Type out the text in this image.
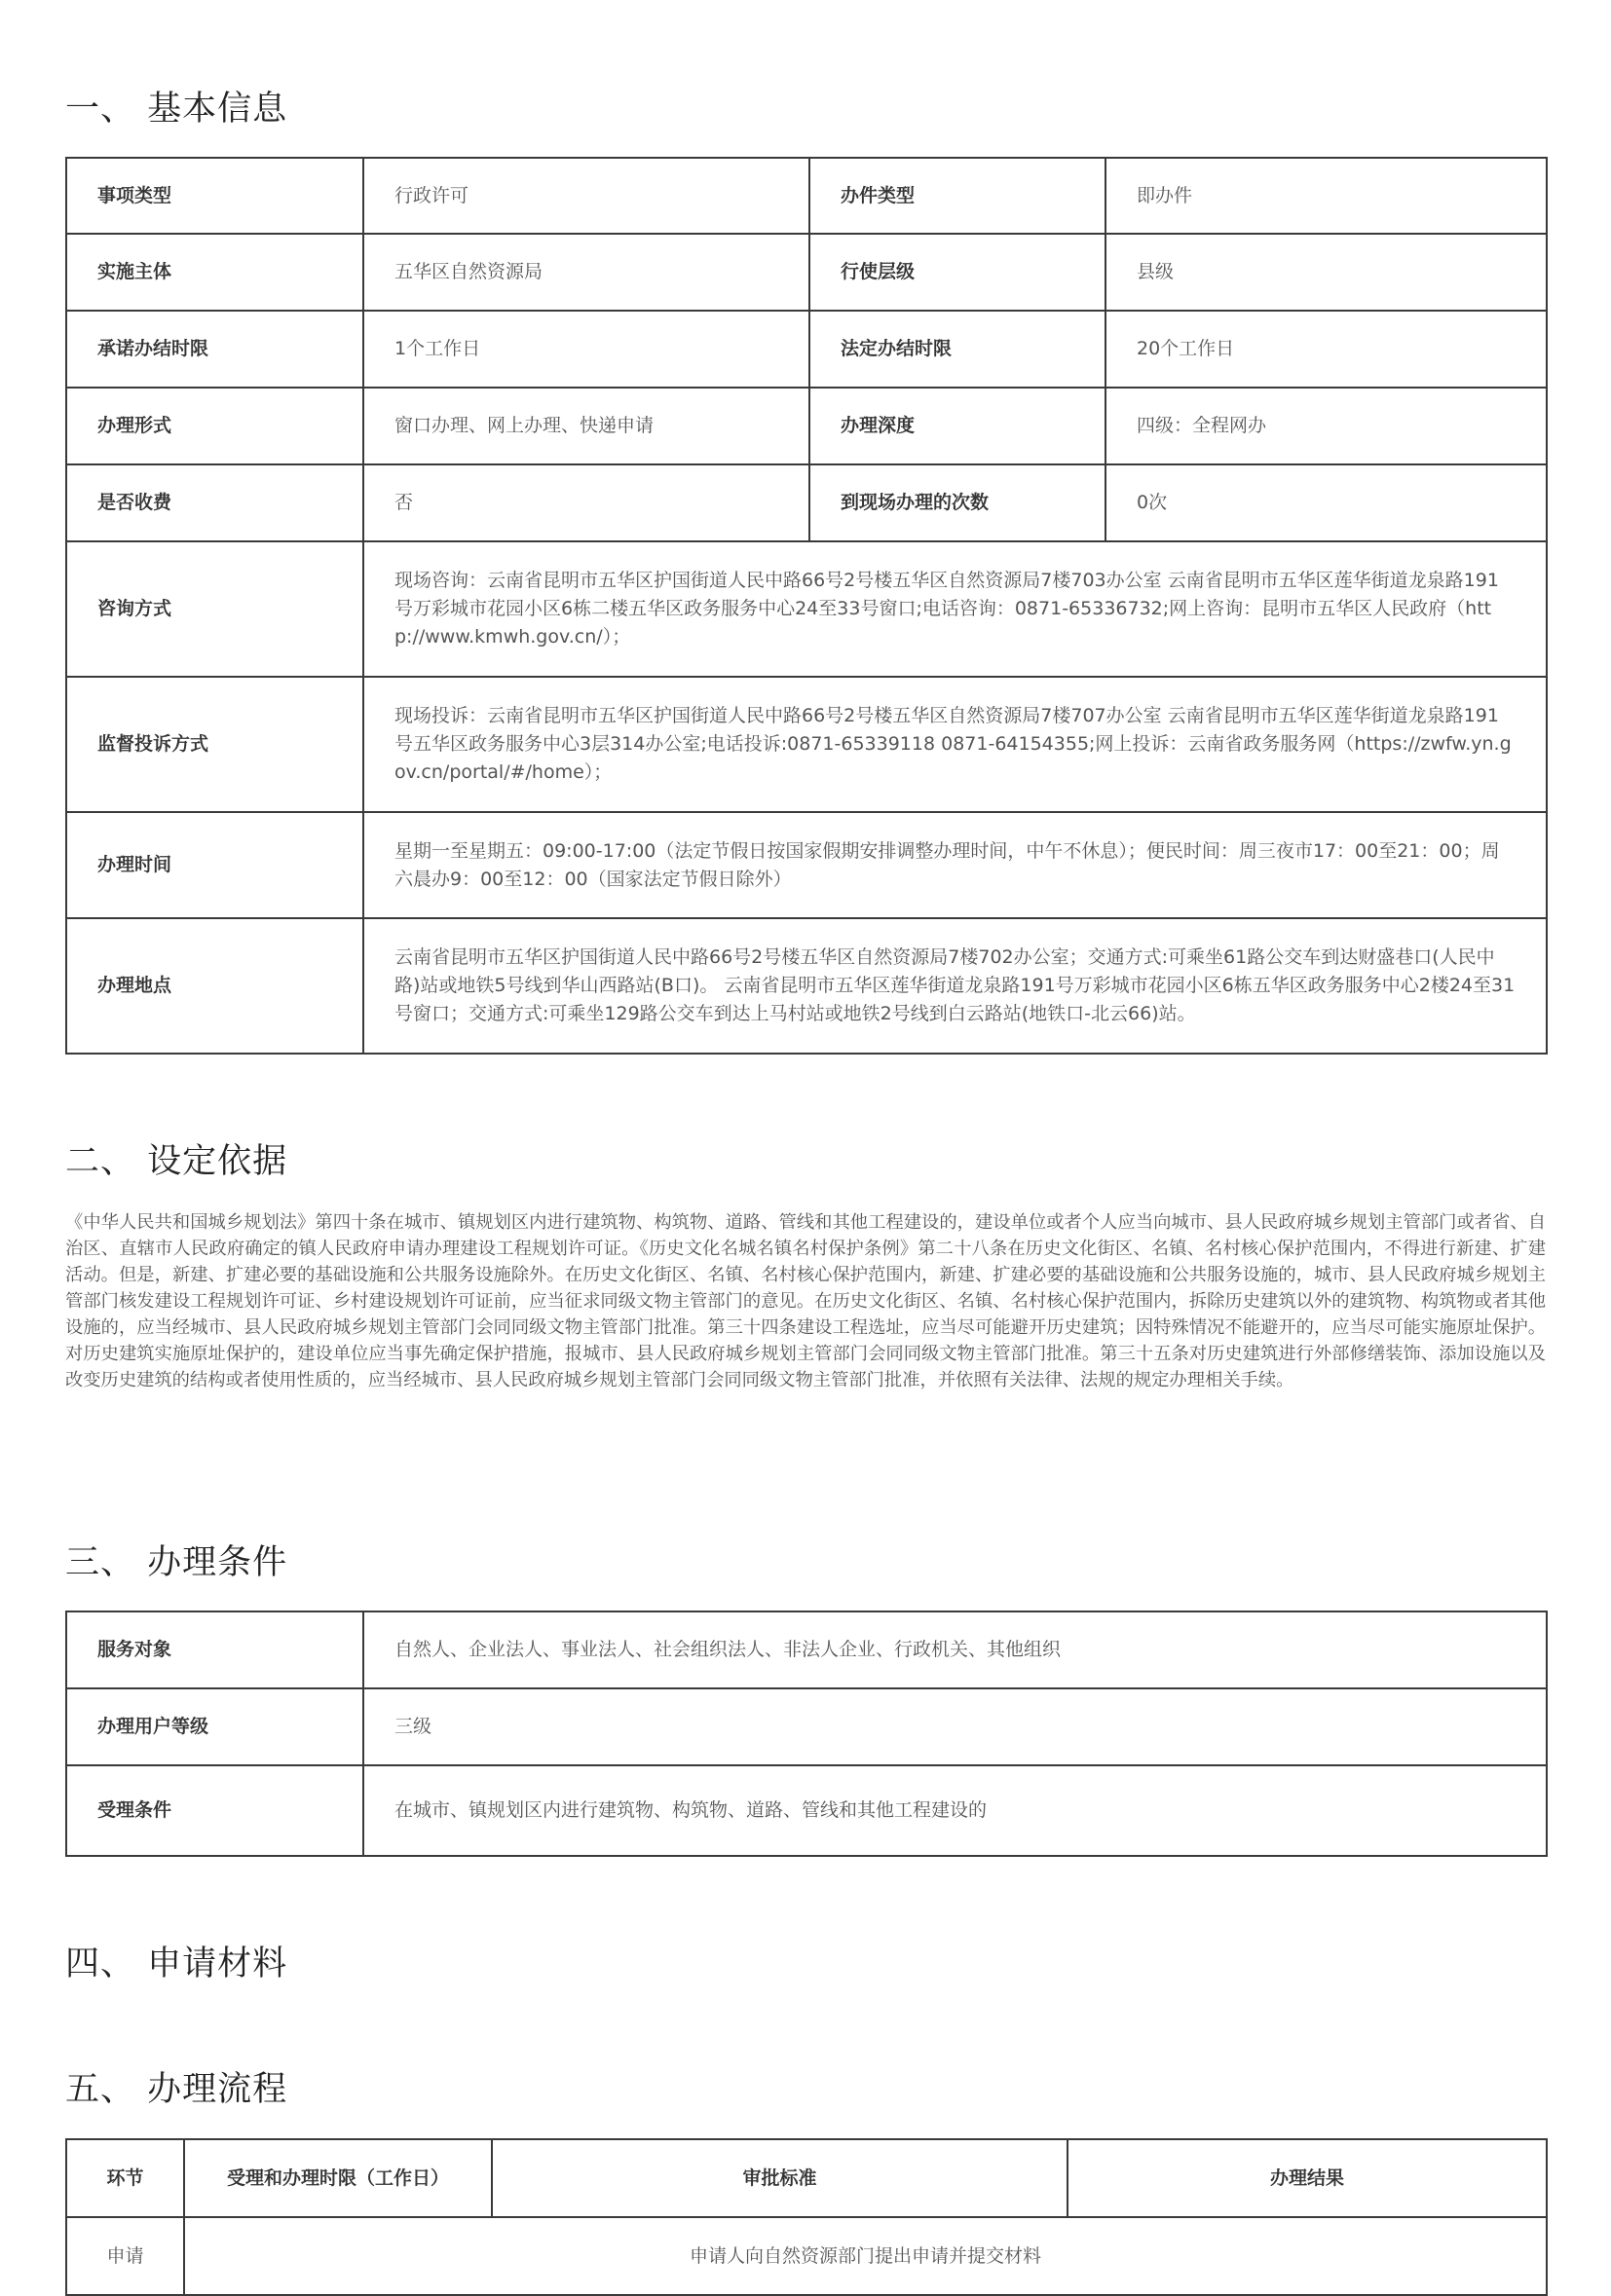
一、 基本信息
事项类型	行政许可	办件类型	即办件
实施主体	五华区自然资源局	行使层级	县级
承诺办结时限	1个工作日	法定办结时限	20个工作日
办理形式	窗口办理、网上办理、快递申请	办理深度	四级：全程网办
是否收费	否	到现场办理的次数	0次
咨询方式	现场咨询：云南省昆明市五华区护国街道人民中路66号2号楼五华区自然资源局7楼703办公室 云南省昆明市五华区莲华街道龙泉路191号万彩城市花园小区6栋二楼五华区政务服务中心24至33号窗口;电话咨询：0871-65336732;网上咨询：昆明市五华区人民政府（http://www.kmwh.gov.cn/）；		
监督投诉方式	现场投诉：云南省昆明市五华区护国街道人民中路66号2号楼五华区自然资源局7楼707办公室 云南省昆明市五华区莲华街道龙泉路191号五华区政务服务中心3层314办公室;电话投诉:0871-65339118 0871-64154355;网上投诉：云南省政务服务网（https://zwfw.yn.gov.cn/portal/#/home）；		
办理时间	星期一至星期五：09:00-17:00（法定节假日按国家假期安排调整办理时间，中午不休息）；便民时间：周三夜市17：00至21：00；周六晨办9：00至12：00（国家法定节假日除外）		
办理地点	云南省昆明市五华区护国街道人民中路66号2号楼五华区自然资源局7楼702办公室；交通方式:可乘坐61路公交车到达财盛巷口(人民中路)站或地铁5号线到华山西路站(B口)。 云南省昆明市五华区莲华街道龙泉路191号万彩城市花园小区6栋五华区政务服务中心2楼24至31号窗口；交通方式:可乘坐129路公交车到达上马村站或地铁2号线到白云路站(地铁口-北云66)站。		
二、 设定依据

《中华人民共和国城乡规划法》第四十条在城市、镇规划区内进行建筑物、构筑物、道路、管线和其他工程建设的，建设单位或者个人应当向城市、县人民政府城乡规划主管部门或者省、自治区、直辖市人民政府确定的镇人民政府申请办理建设工程规划许可证。《历史文化名城名镇名村保护条例》第二十八条在历史文化街区、名镇、名村核心保护范围内，不得进行新建、扩建活动。但是，新建、扩建必要的基础设施和公共服务设施除外。在历史文化街区、名镇、名村核心保护范围内，新建、扩建必要的基础设施和公共服务设施的，城市、县人民政府城乡规划主管部门核发建设工程规划许可证、乡村建设规划许可证前，应当征求同级文物主管部门的意见。在历史文化街区、名镇、名村核心保护范围内，拆除历史建筑以外的建筑物、构筑物或者其他设施的，应当经城市、县人民政府城乡规划主管部门会同同级文物主管部门批准。第三十四条建设工程选址，应当尽可能避开历史建筑；因特殊情况不能避开的，应当尽可能实施原址保护。对历史建筑实施原址保护的，建设单位应当事先确定保护措施，报城市、县人民政府城乡规划主管部门会同同级文物主管部门批准。第三十五条对历史建筑进行外部修缮装饰、添加设施以及改变历史建筑的结构或者使用性质的，应当经城市、县人民政府城乡规划主管部门会同同级文物主管部门批准，并依照有关法律、法规的规定办理相关手续。

三、 办理条件
服务对象	自然人、企业法人、事业法人、社会组织法人、非法人企业、行政机关、其他组织
办理用户等级	三级
受理条件	在城市、镇规划区内进行建筑物、构筑物、道路、管线和其他工程建设的
四、 申请材料
五、 办理流程
环节	受理和办理时限（工作日）	审批标准	办理结果
申请	申请人向自然资源部门提出申请并提交材料		
